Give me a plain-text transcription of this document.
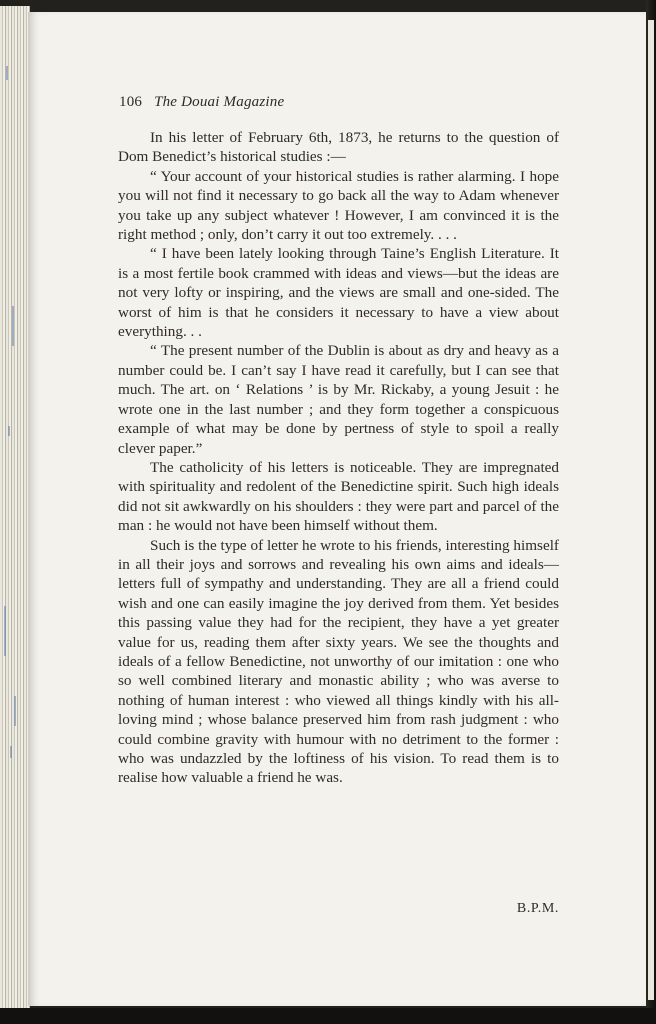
106 The Douai Magazine

In his letter of February 6th, 1873, he returns to the question of Dom Benedict’s historical studies :—

“ Your account of your historical studies is rather alarming. I hope you will not find it necessary to go back all the way to Adam whenever you take up any subject whatever ! However, I am convinced it is the right method ; only, don’t carry it out too extremely. . . .

“ I have been lately looking through Taine’s English Literature. It is a most fertile book crammed with ideas and views—but the ideas are not very lofty or inspiring, and the views are small and one-sided. The worst of him is that he considers it necessary to have a view about everything. . .

“ The present number of the Dublin is about as dry and heavy as a number could be. I can’t say I have read it carefully, but I can see that much. The art. on ‘ Relations ’ is by Mr. Rickaby, a young Jesuit : he wrote one in the last number ; and they form together a conspicuous example of what may be done by pertness of style to spoil a really clever paper.”

The catholicity of his letters is noticeable. They are impregnated with spirituality and redolent of the Benedictine spirit. Such high ideals did not sit awkwardly on his shoulders : they were part and parcel of the man : he would not have been himself without them.

Such is the type of letter he wrote to his friends, interesting himself in all their joys and sorrows and revealing his own aims and ideals—letters full of sympathy and understanding. They are all a friend could wish and one can easily imagine the joy derived from them. Yet besides this passing value they had for the recipient, they have a yet greater value for us, reading them after sixty years. We see the thoughts and ideals of a fellow Benedictine, not unworthy of our imitation : one who so well combined literary and monastic ability ; who was averse to nothing of human interest : who viewed all things kindly with his all-loving mind ; whose balance preserved him from rash judgment : who could combine gravity with humour with no detriment to the former : who was undazzled by the loftiness of his vision. To read them is to realise how valuable a friend he was.

B.P.M.
